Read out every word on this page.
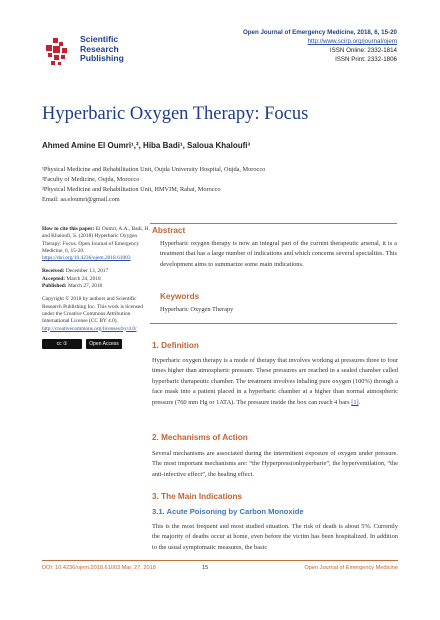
Scientific
Research
Publishing
Open Journal of Emergency Medicine, 2018, 6, 15-20
http://www.scirp.org/journal/ojem
ISSN Online: 2332-1814
ISSN Print: 2332-1806
Hyperbaric Oxygen Therapy: Focus
Ahmed Amine El Oumri¹,², Hiba Badi¹, Saloua Khaloufi³
¹Physical Medicine and Rehabilitation Unit, Oujda University Hospital, Oujda, Morocco
²Faculty of Medicine, Oujda, Morocco
³Physical Medicine and Rehabilitation Unit, HMVIM, Rabat, Morocco
Email: aa.eloumri@gmail.com

How to cite this paper: El Oumri, A.A., Badi, H. and Khaloufi, S. (2018) Hyperbaric Oxygen Therapy: Focus. Open Journal of Emergency Medicine, 6, 15-20. https://doi.org/10.4236/ojem.2018.61003

Received: December 13, 2017
Accepted: March 24, 2018
Published: March 27, 2018

Copyright © 2018 by authors and Scientific Research Publishing Inc. This work is licensed under the Creative Commons Attribution International License (CC BY 4.0).
http://creativecommons.org/licenses/by/4.0/

cc ①	Open Access
Abstract
Hyperbaric oxygen therapy is now an integral part of the current therapeutic arsenal, it is a treatment that has a large number of indications and which concerns several specialties. This development aims to summarize some main indications.
Keywords
Hyperbaric Oxygen Therapy
1. Definition
Hyperbaric oxygen therapy is a mode of therapy that involves working at pressures three to four times higher than atmospheric pressure. These pressures are reached in a sealed chamber called hyperbaric therapeutic chamber. The treatment involves inhaling pure oxygen (100%) through a face mask into a patient placed in a hyperbaric chamber at a higher than normal atmospheric pressure (760 mm Hg or 1ATA). The pressure inside the box can reach 4 bars [1].
2. Mechanisms of Action
Several mechanisms are associated during the intermittent exposure of oxygen under pressure. The most important mechanisms are: “the Hyperpressionhyperbarie”, the hyperventilation, “the anti-infective effect”, the healing effect.
3. The Main Indications
3.1. Acute Poisoning by Carbon Monoxide
This is the most frequent and most studied situation. The risk of death is about 5%. Currently the majority of deaths occur at home, even before the victim has been hospitalized. In addition to the usual symptomatic measures, the basic
DOI: 10.4236/ojem.2018.61003 Mar. 27, 2018	15	Open Journal of Emergency Medicine
